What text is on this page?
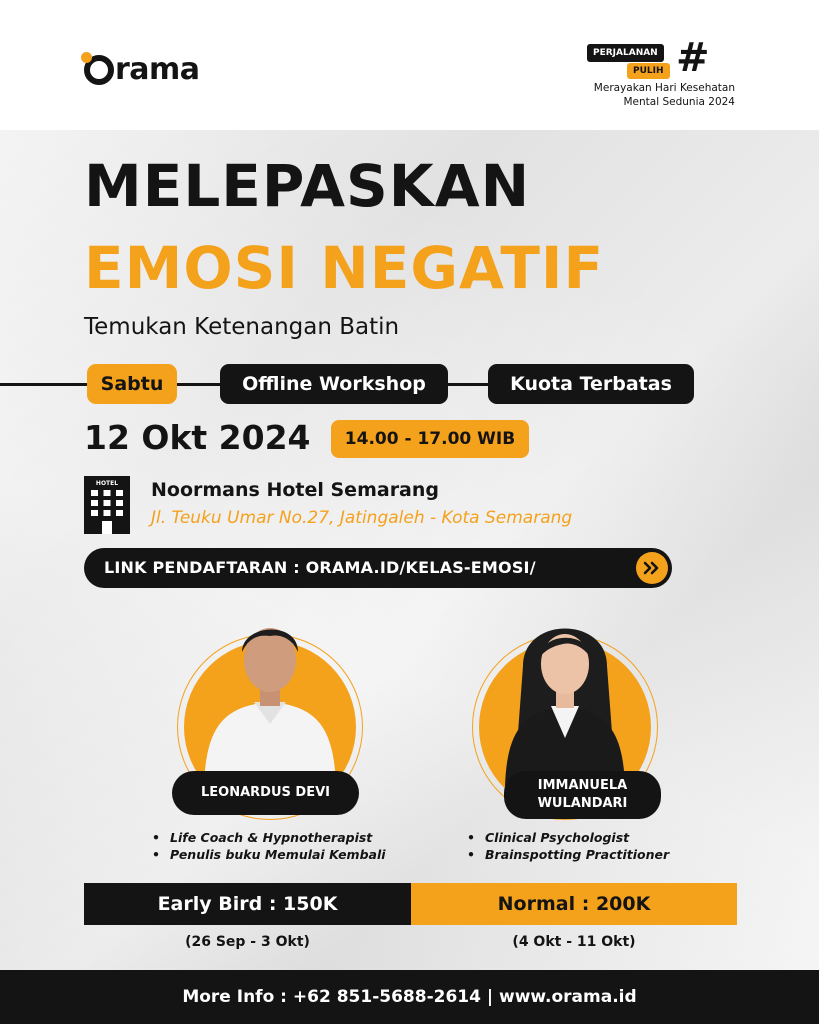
rama	PERJALANAN
PULIH #
Merayakan Hari Kesehatan
Mental Sedunia 2024
MELEPASKAN
EMOSI NEGATIF
Temukan Ketenangan Batin
Sabtu	Offline Workshop	Kuota Terbatas
12 Okt 2024	14.00 - 17.00 WIB
HOTEL Noormans Hotel Semarang
Jl. Teuku Umar No.27, Jatingaleh - Kota Semarang
LINK PENDAFTARAN : ORAMA.ID/KELAS-EMOSI/
LEONARDUS DEVI
• Life Coach & Hypnotherapist
• Penulis buku Memulai Kembali
IMMANUELA
WULANDARI
• Clinical Psychologist
• Brainspotting Practitioner
Early Bird : 150K	Normal : 200K
(26 Sep - 3 Okt)	(4 Okt - 11 Okt)
More Info : +62 851-5688-2614 | www.orama.id
